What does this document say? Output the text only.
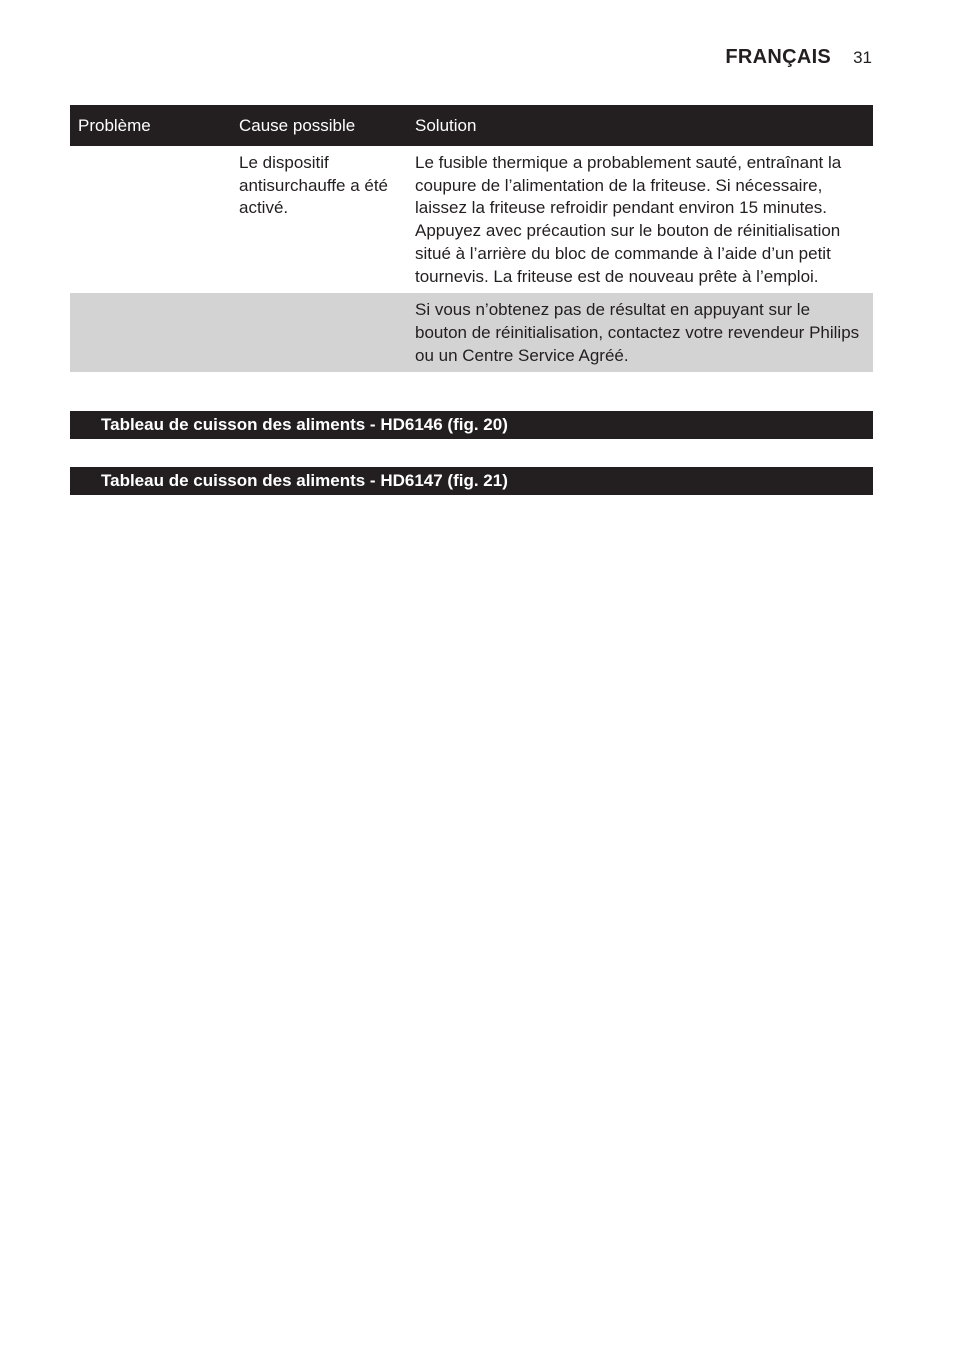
FRANÇAIS 31
Problème	Cause possible	Solution
Le dispositif antisurchauffe a été activé.
Le fusible thermique a probablement sauté, entraînant la coupure de l’alimentation de la friteuse. Si nécessaire, laissez la friteuse refroidir pendant environ 15 minutes. Appuyez avec précaution sur le bouton de réinitialisation situé à l’arrière du bloc de commande à l’aide d’un petit tournevis. La friteuse est de nouveau prête à l’emploi.
Si vous n’obtenez pas de résultat en appuyant sur le bouton de réinitialisation, contactez votre revendeur Philips ou un Centre Service Agréé.
Tableau de cuisson des aliments - HD6146 (fig. 20)
Tableau de cuisson des aliments - HD6147 (fig. 21)
